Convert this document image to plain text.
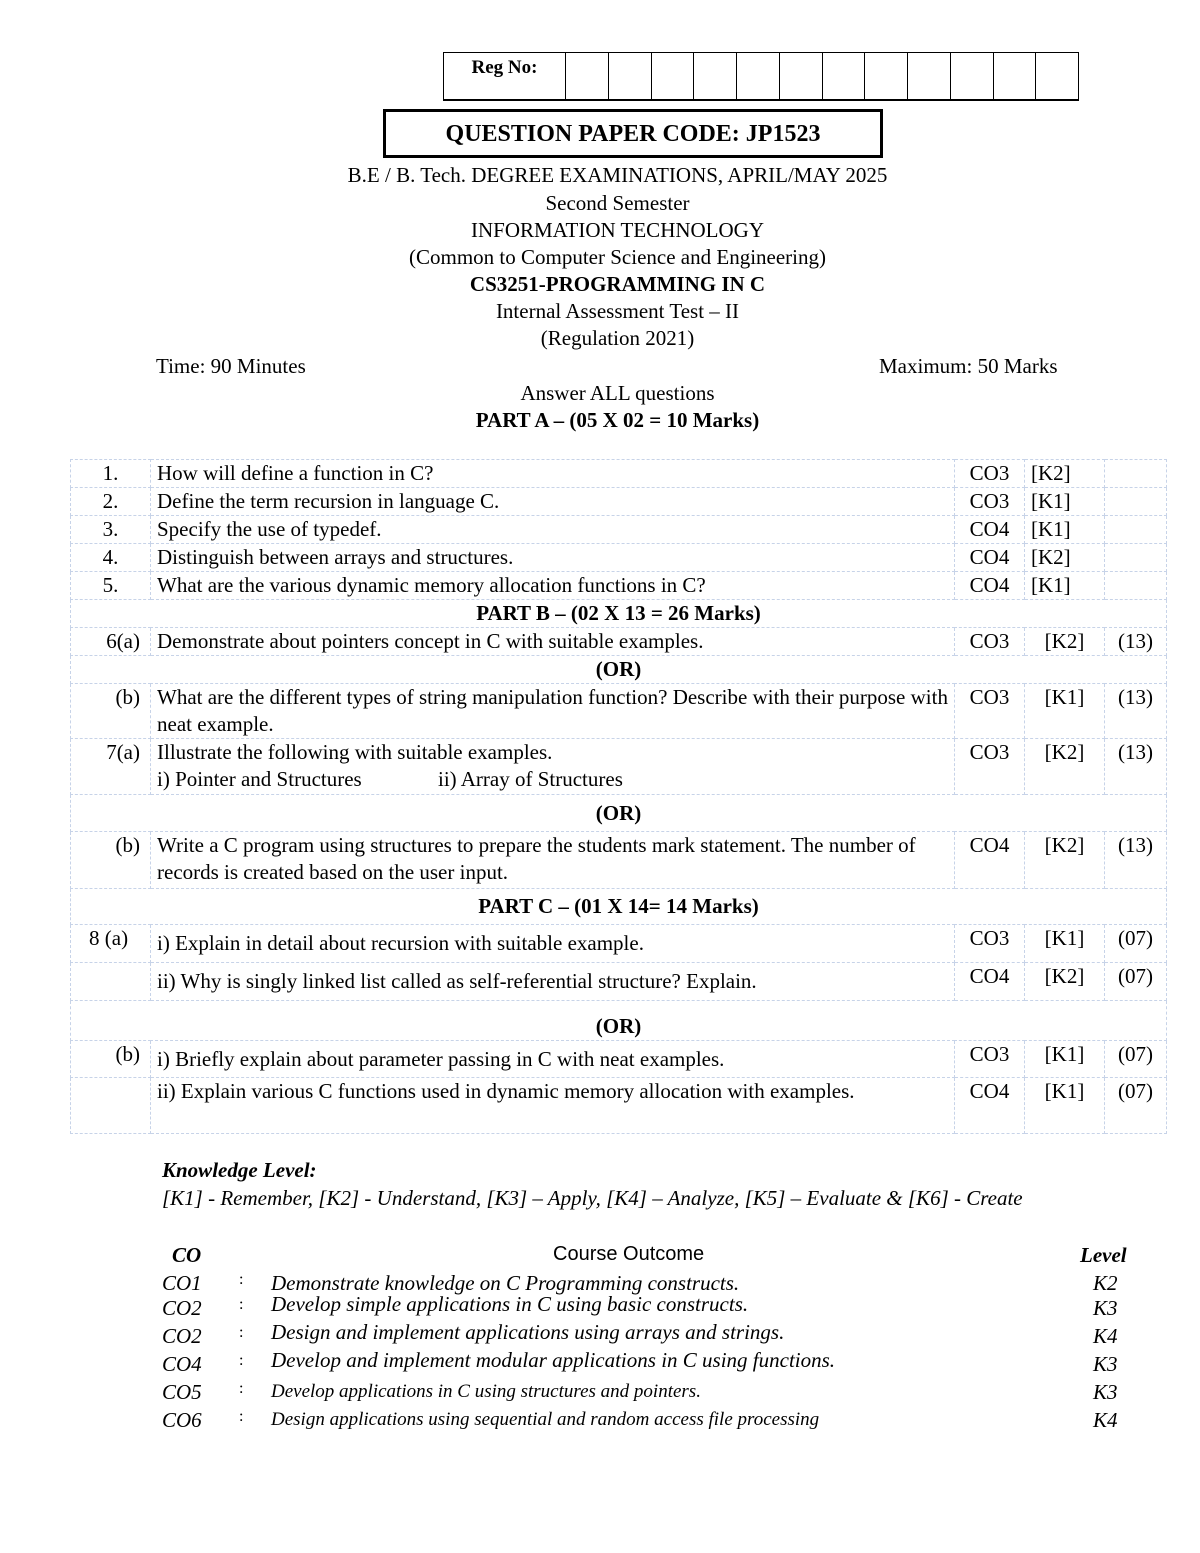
Reg No:
QUESTION PAPER CODE: JP1523
B.E / B. Tech. DEGREE EXAMINATIONS, APRIL/MAY 2025
Second Semester
INFORMATION TECHNOLOGY
(Common to Computer Science and Engineering)
CS3251-PROGRAMMING IN C
Internal Assessment Test – II
(Regulation 2021)
Time: 90 Minutes	Maximum: 50 Marks
Answer ALL questions
PART A – (05 X 02 = 10 Marks)
1.	How will define a function in C?	CO3	[K2]	
2.	Define the term recursion in language C.	CO3	[K1]	
3.	Specify the use of typedef.	CO4	[K1]	
4.	Distinguish between arrays and structures.	CO4	[K2]	
5.	What are the various dynamic memory allocation functions in C?	CO4	[K1]	
PART B – (02 X 13 = 26 Marks)				
6(a)	Demonstrate about pointers concept in C with suitable examples.	CO3	[K2]	(13)
(OR)				
(b)	What are the different types of string manipulation function? Describe with their purpose with neat example.	CO3	[K1]	(13)
7(a)	Illustrate the following with suitable examples.
i) Pointer and Structures ii) Array of Structures	CO3	[K2]	(13)
(OR)				
(b)	Write a C program using structures to prepare the students mark statement. The number of records is created based on the user input.	CO4	[K2]	(13)
PART C – (01 X 14= 14 Marks)				
8 (a)	i) Explain in detail about recursion with suitable example.	CO3	[K1]	(07)
	ii) Why is singly linked list called as self-referential structure? Explain.	CO4	[K2]	(07)
(OR)				
(b)	i) Briefly explain about parameter passing in C with neat examples.	CO3	[K1]	(07)
	ii) Explain various C functions used in dynamic memory allocation with examples.	CO4	[K1]	(07)
Knowledge Level:
[K1] - Remember, [K2] - Understand, [K3] – Apply, [K4] – Analyze, [K5] – Evaluate & [K6] - Create
CO	Course Outcome	Level
CO1 : Demonstrate knowledge on C Programming constructs.	K2
CO2 : Develop simple applications in C using basic constructs.	K3
CO2 : Design and implement applications using arrays and strings.	K4
CO4 : Develop and implement modular applications in C using functions.	K3
CO5 : Develop applications in C using structures and pointers.	K3
CO6 : Design applications using sequential and random access file processing	K4
